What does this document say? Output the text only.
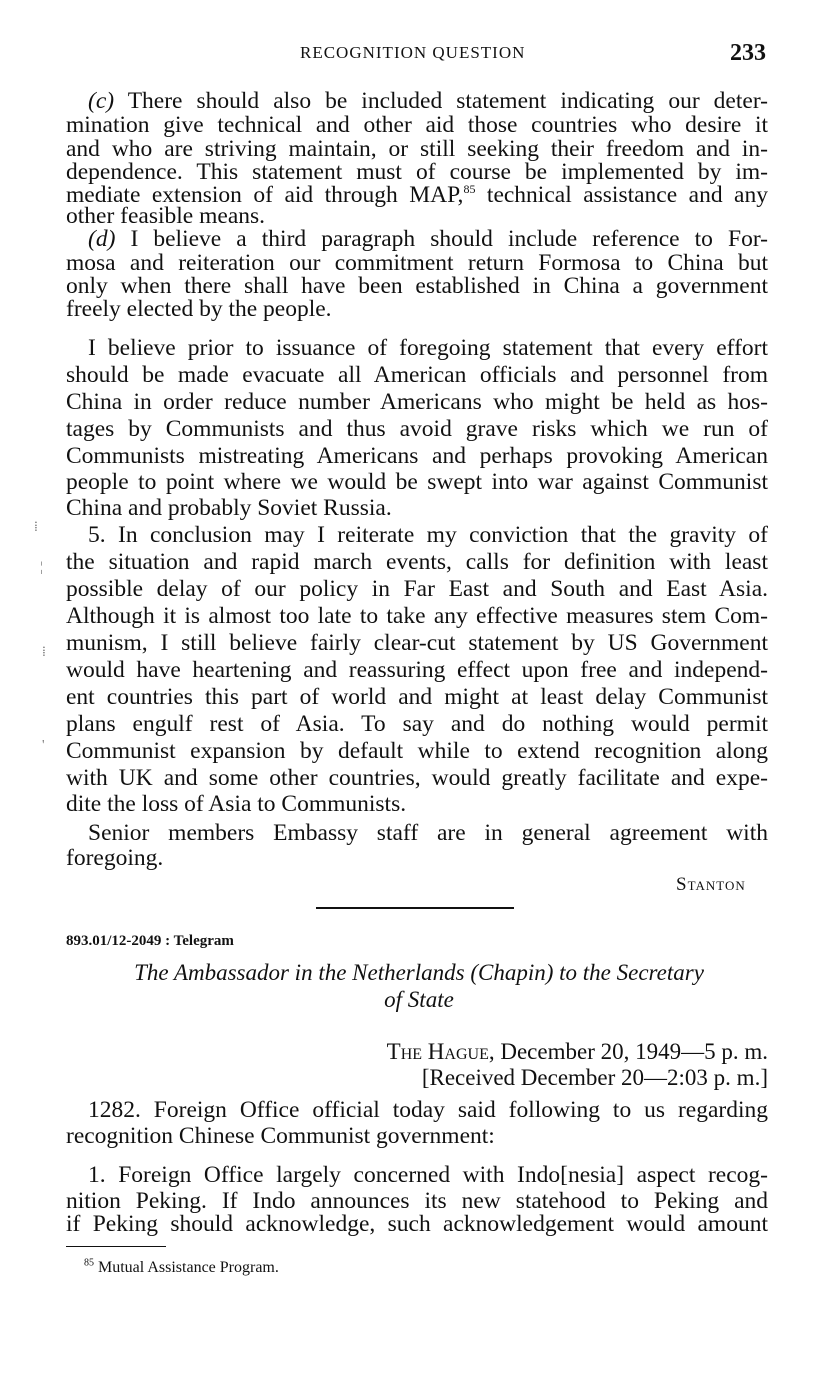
RECOGNITION QUESTION	233
(c) There should also be included statement indicating our deter-
mination give technical and other aid those countries who desire it
and who are striving maintain, or still seeking their freedom and in-
dependence. This statement must of course be implemented by im-
mediate extension of aid through MAP,$^{85}$ technical assistance and any
other feasible means.
(d) I believe a third paragraph should include reference to For-
mosa and reiteration our commitment return Formosa to China but
only when there shall have been established in China a government
freely elected by the people.
I believe prior to issuance of foregoing statement that every effort
should be made evacuate all American officials and personnel from
China in order reduce number Americans who might be held as hos-
tages by Communists and thus avoid grave risks which we run of
Communists mistreating Americans and perhaps provoking American
people to point where we would be swept into war against Communist
China and probably Soviet Russia.
⁞
¦
⁞
'
5. In conclusion may I reiterate my conviction that the gravity of
the situation and rapid march events, calls for definition with least
possible delay of our policy in Far East and South and East Asia.
Although it is almost too late to take any effective measures stem Com-
munism, I still believe fairly clear-cut statement by US Government
would have heartening and reassuring effect upon free and independ-
ent countries this part of world and might at least delay Communist
plans engulf rest of Asia. To say and do nothing would permit
Communist expansion by default while to extend recognition along
with UK and some other countries, would greatly facilitate and expe-
dite the loss of Asia to Communists.
Senior members Embassy staff are in general agreement with
foregoing.
Stanton
893.01/12-2049 : Telegram
The Ambassador in the Netherlands (Chapin) to the Secretary
of State
The Hague, December 20, 1949—5 p. m.
[Received December 20—2:03 p. m.]
1282. Foreign Office official today said following to us regarding
recognition Chinese Communist government:
1. Foreign Office largely concerned with Indo[nesia] aspect recog-
nition Peking. If Indo announces its new statehood to Peking and
if Peking should acknowledge, such acknowledgement would amount
$^{85}$ Mutual Assistance Program.
